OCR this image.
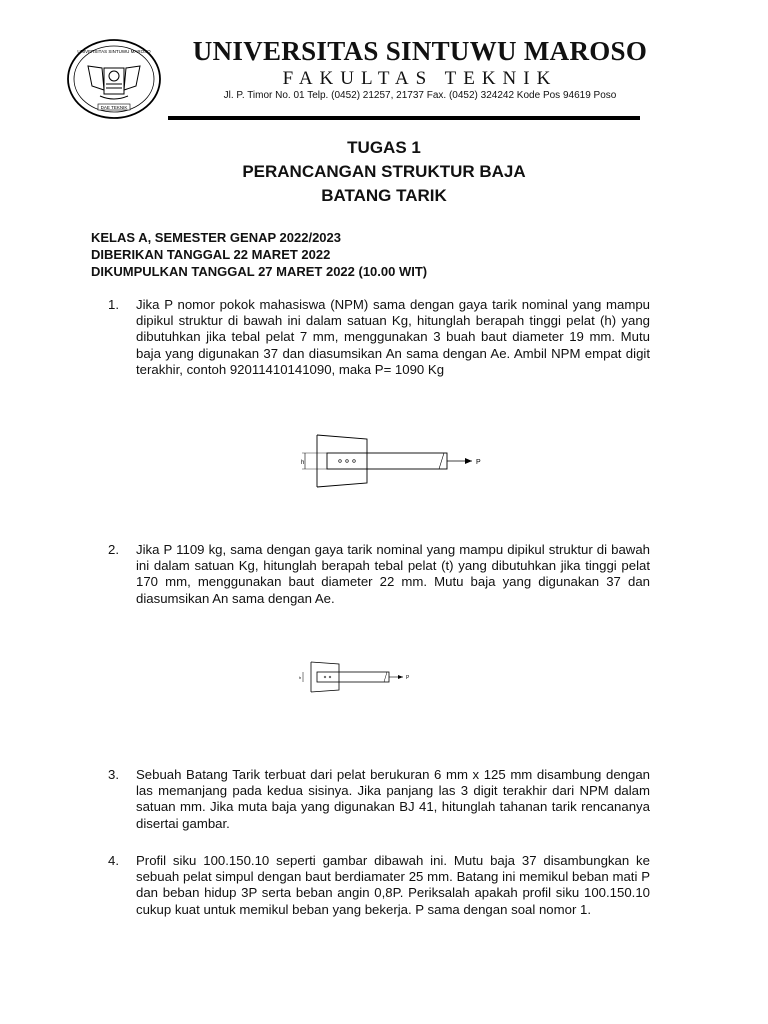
UNIVERSITAS SINTUWU MAROSO
DAE TEKNIK
UNIVERSITAS SINTUWU MAROSO
FAKULTAS TEKNIK
Jl. P. Timor No. 01 Telp. (0452) 21257, 21737 Fax. (0452) 324242 Kode Pos 94619 Poso
TUGAS 1
PERANCANGAN STRUKTUR BAJA
BATANG TARIK
KELAS A, SEMESTER GENAP 2022/2023
DIBERIKAN TANGGAL 22 MARET 2022
DIKUMPULKAN TANGGAL 27 MARET 2022 (10.00 WIT)
1. Jika P nomor pokok mahasiswa (NPM) sama dengan gaya tarik nominal yang mampu dipikul struktur di bawah ini dalam satuan Kg, hitunglah berapah tinggi pelat (h) yang dibutuhkan jika tebal pelat 7 mm, menggunakan 3 buah baut diameter 19 mm. Mutu baja yang digunakan 37 dan diasumsikan An sama dengan Ae. Ambil NPM empat digit terakhir, contoh 92011410141090, maka P= 1090 Kg
h	P
2. Jika P 1109 kg, sama dengan gaya tarik nominal yang mampu dipikul struktur di bawah ini dalam satuan Kg, hitunglah berapah tebal pelat (t) yang dibutuhkan jika tinggi pelat 170 mm, menggunakan baut diameter 22 mm. Mutu baja yang digunakan 37 dan diasumsikan An sama dengan Ae.
h	P
3. Sebuah Batang Tarik terbuat dari pelat berukuran 6 mm x 125 mm disambung dengan las memanjang pada kedua sisinya. Jika panjang las 3 digit terakhir dari NPM dalam satuan mm. Jika muta baja yang digunakan BJ 41, hitunglah tahanan tarik rencananya disertai gambar.
4. Profil siku 100.150.10 seperti gambar dibawah ini. Mutu baja 37 disambungkan ke sebuah pelat simpul dengan baut berdiamater 25 mm. Batang ini memikul beban mati P dan beban hidup 3P serta beban angin 0,8P. Periksalah apakah profil siku 100.150.10 cukup kuat untuk memikul beban yang bekerja. P sama dengan soal nomor 1.
